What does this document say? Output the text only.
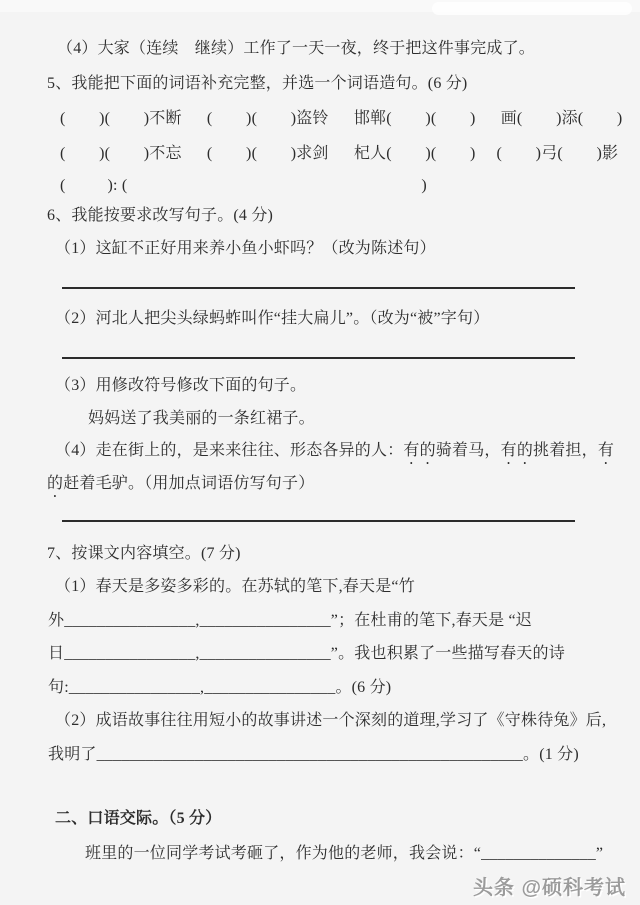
（4）大家（连续　继续）工作了一天一夜，终于把这件事完成了。
5、我能把下面的词语补充完整，并选一个词语造句。(6 分)
(        )(        )不断      (        )(        )盗铃      邯郸(        )(        )      画(        )添(        )
(        )(        )不忘      (        )(        )求剑      杞人(        )(        )     (        )弓(        )影
(          ): (                                                                      )
6、我能按要求改写句子。(4 分)
（1）这缸不正好用来养小鱼小虾吗？（改为陈述句）
（2）河北人把尖头绿蚂蚱叫作“挂大扁儿”。（改为“被”字句）
（3）用修改符号修改下面的句子。
妈妈送了我美丽的一条红裙子。
（4）走在街上的，是来来往往、形态各异的人：有的骑着马，有的挑着担，有
的赶着毛驴。（用加点词语仿写句子）
7、按课文内容填空。(7 分)
（1）春天是多姿多彩的。在苏轼的笔下,春天是“竹
外________________,________________”；在杜甫的笔下,春天是 “迟
日________________,________________”。我也积累了一些描写春天的诗
句:________________,________________。(6 分)
（2）成语故事往往用短小的故事讲述一个深刻的道理,学习了《守株待兔》后,
我明了____________________________________________________。(1 分)
二、口语交际。（5 分）
班里的一位同学考试考砸了，作为他的老师，我会说：“______________”
头条 @硕科考试
